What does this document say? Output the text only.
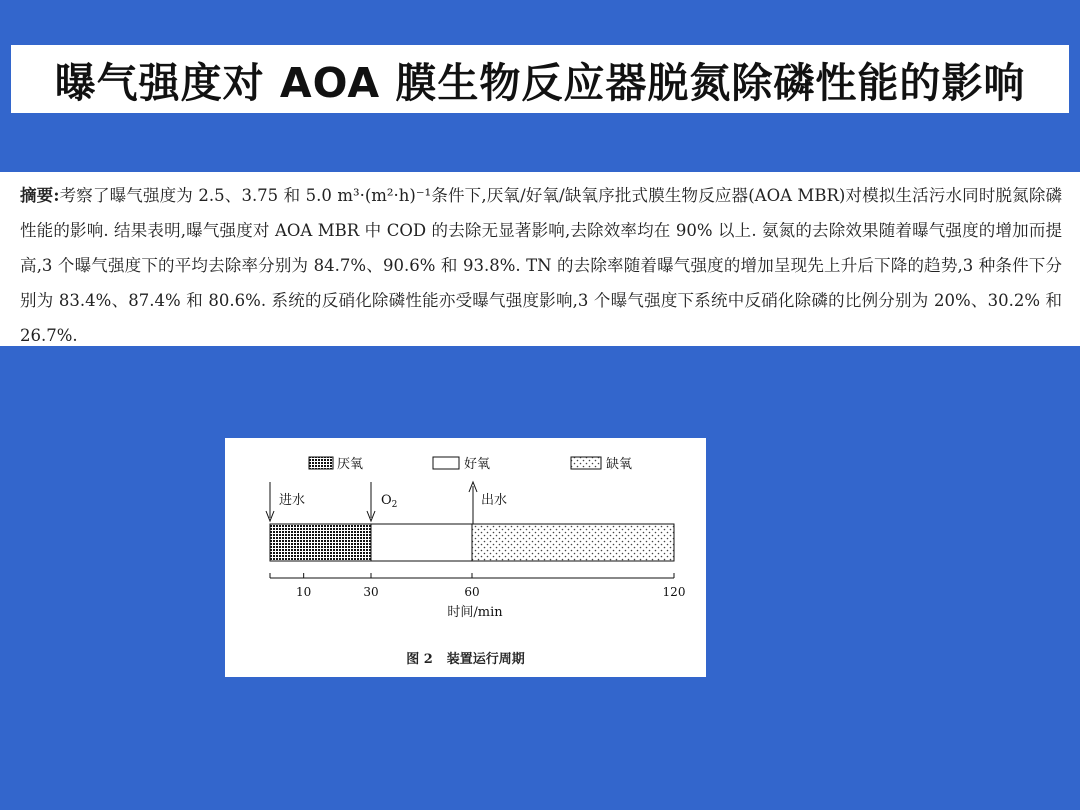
曝气强度对 AOA 膜生物反应器脱氮除磷性能的影响

摘要:考察了曝气强度为 2.5、3.75 和 5.0 m³·(m²·h)⁻¹条件下,厌氧/好氧/缺氧序批式膜生物反应器(AOA MBR)对模拟生活污水同时脱氮除磷性能的影响. 结果表明,曝气强度对 AOA MBR 中 COD 的去除无显著影响,去除效率均在 90% 以上. 氨氮的去除效果随着曝气强度的增加而提高,3 个曝气强度下的平均去除率分别为 84.7%、90.6% 和 93.8%. TN 的去除率随着曝气强度的增加呈现先上升后下降的趋势,3 种条件下分别为 83.4%、87.4% 和 80.6%. 系统的反硝化除磷性能亦受曝气强度影响,3 个曝气强度下系统中反硝化除磷的比例分别为 20%、30.2% 和 26.7%.

厌氧	好氧	缺氧
进水	$O_2$	出水
10	30	60	120
时间/min
图 2 装置运行周期
